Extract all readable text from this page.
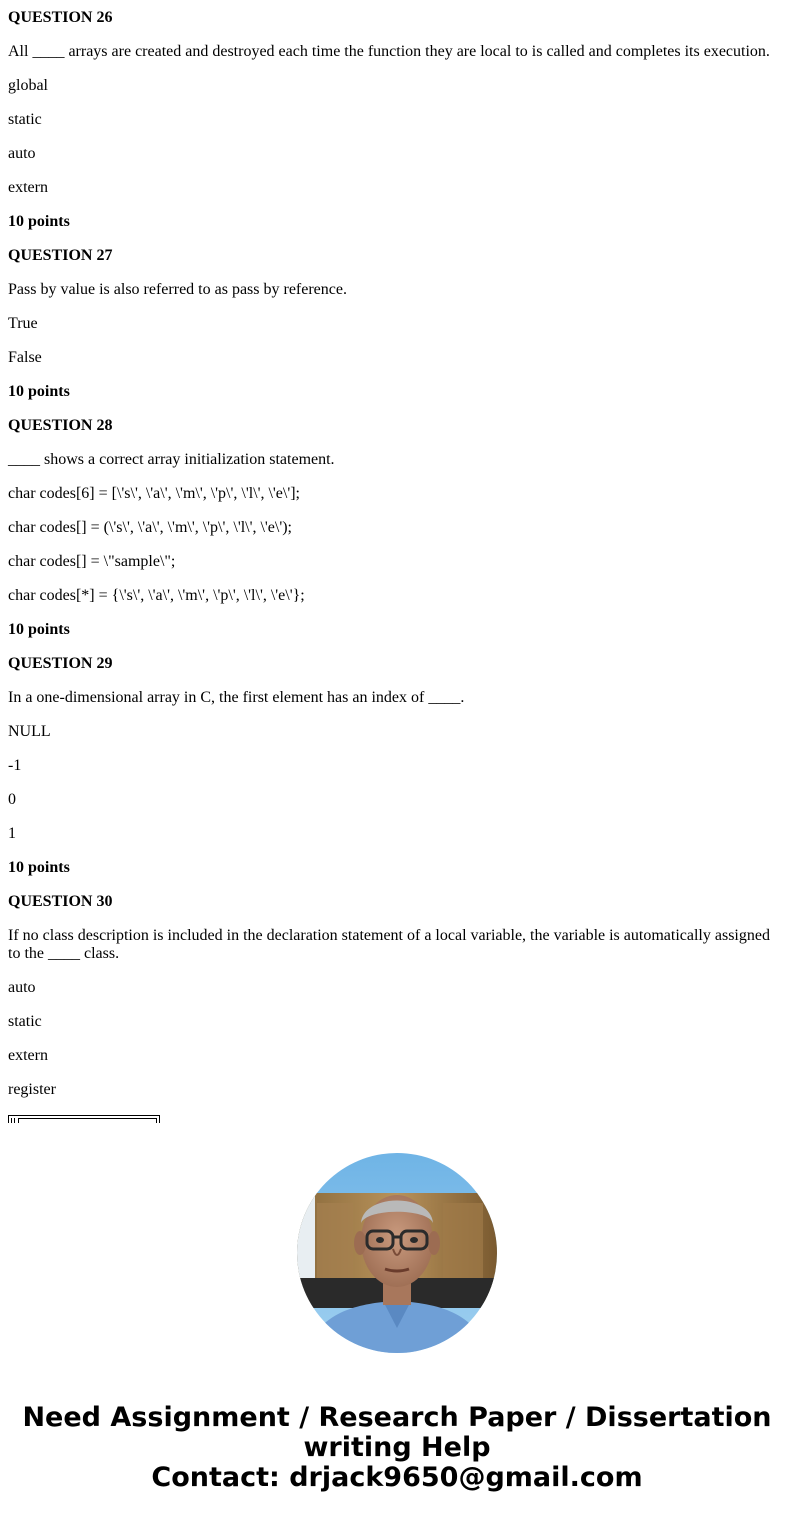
QUESTION 26

All ____ arrays are created and destroyed each time the function they are local to is called and completes its execution.

global

static

auto

extern

10 points

QUESTION 27

Pass by value is also referred to as pass by reference.

True

False

10 points

QUESTION 28

____ shows a correct array initialization statement.

char codes[6] = [\'s\', \'a\', \'m\', \'p\', \'l\', \'e\'];

char codes[] = (\'s\', \'a\', \'m\', \'p\', \'l\', \'e\');

char codes[] = \"sample\";

char codes[*] = {\'s\', \'a\', \'m\', \'p\', \'l\', \'e\'};

10 points

QUESTION 29

In a one-dimensional array in C, the first element has an index of ____.

NULL

-1

0

1

10 points

QUESTION 30

If no class description is included in the declaration statement of a local variable, the variable is automatically assigned to the ____ class.

auto

static

extern

register

Need Assignment / Research Paper / Dissertation
writing Help
Contact: drjack9650@gmail.com
